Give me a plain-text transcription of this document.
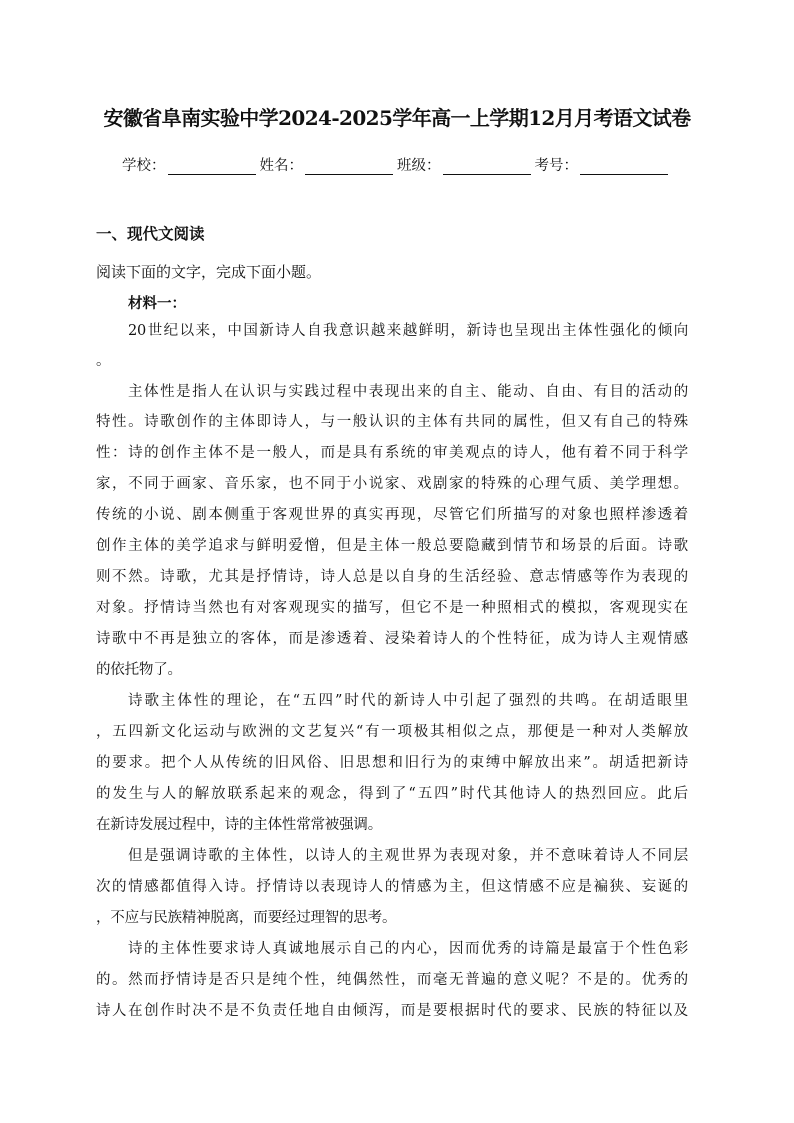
安徽省阜南实验中学2024-2025学年高一上学期12月月考语文试卷
学校：	姓名：	班级：	考号：
一、现代文阅读
阅读下面的文字，完成下面小题。
材料一：
20世纪以来，中国新诗人自我意识越来越鲜明，新诗也呈现出主体性强化的倾向
。
主体性是指人在认识与实践过程中表现出来的自主、能动、自由、有目的活动的
特性。诗歌创作的主体即诗人，与一般认识的主体有共同的属性，但又有自己的特殊
性：诗的创作主体不是一般人，而是具有系统的审美观点的诗人，他有着不同于科学
家，不同于画家、音乐家，也不同于小说家、戏剧家的特殊的心理气质、美学理想。
传统的小说、剧本侧重于客观世界的真实再现，尽管它们所描写的对象也照样渗透着
创作主体的美学追求与鲜明爱憎，但是主体一般总要隐藏到情节和场景的后面。诗歌
则不然。诗歌，尤其是抒情诗，诗人总是以自身的生活经验、意志情感等作为表现的
对象。抒情诗当然也有对客观现实的描写，但它不是一种照相式的模拟，客观现实在
诗歌中不再是独立的客体，而是渗透着、浸染着诗人的个性特征，成为诗人主观情感
的依托物了。
诗歌主体性的理论，在“五四”时代的新诗人中引起了强烈的共鸣。在胡适眼里
，五四新文化运动与欧洲的文艺复兴“有一项极其相似之点，那便是一种对人类解放
的要求。把个人从传统的旧风俗、旧思想和旧行为的束缚中解放出来”。胡适把新诗
的发生与人的解放联系起来的观念，得到了“五四”时代其他诗人的热烈回应。此后
在新诗发展过程中，诗的主体性常常被强调。
但是强调诗歌的主体性，以诗人的主观世界为表现对象，并不意味着诗人不同层
次的情感都值得入诗。抒情诗以表现诗人的情感为主，但这情感不应是褊狭、妄诞的
，不应与民族精神脱离，而要经过理智的思考。
诗的主体性要求诗人真诚地展示自己的内心，因而优秀的诗篇是最富于个性色彩
的。然而抒情诗是否只是纯个性，纯偶然性，而毫无普遍的意义呢？不是的。优秀的
诗人在创作时决不是不负责任地自由倾泻，而是要根据时代的要求、民族的特征以及
